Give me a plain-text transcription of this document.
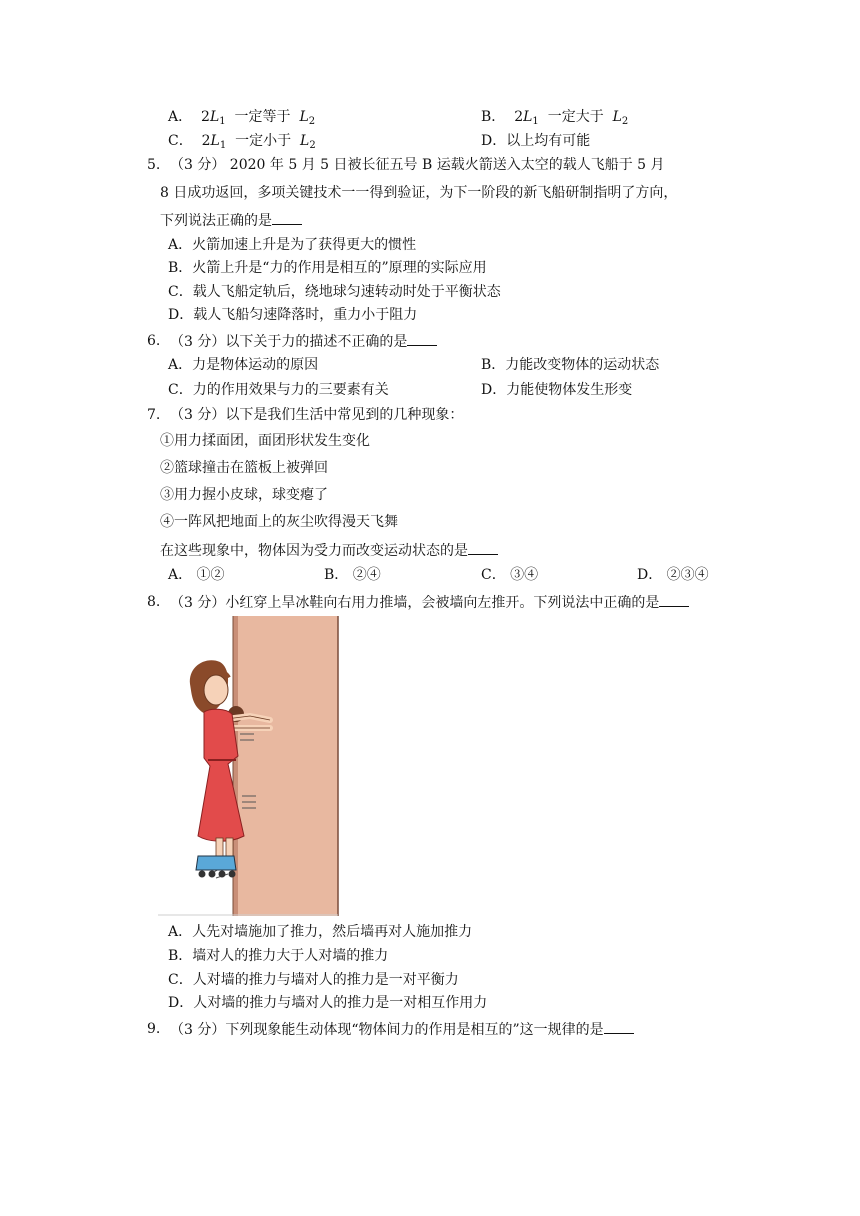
A． $2L_1$ 一定等于 $L_2$	B． $2L_1$ 一定大于 $L_2$
C． $2L_1$ 一定小于 $L_2$	D．以上均有可能
5. （3 分） 2020 年 5 月 5 日被长征五号 B 运载火箭送入太空的载人飞船于 5 月
8 日成功返回，多项关键技术一一得到验证，为下一阶段的新飞船研制指明了方向，
下列说法正确的是
A．火箭加速上升是为了获得更大的惯性
B．火箭上升是“力的作用是相互的”原理的实际应用
C．载人飞船定轨后，绕地球匀速转动时处于平衡状态
D．载人飞船匀速降落时，重力小于阻力
6. （3 分）以下关于力的描述不正确的是
A．力是物体运动的原因	B．力能改变物体的运动状态
C．力的作用效果与力的三要素有关	D．力能使物体发生形变
7. （3 分）以下是我们生活中常见到的几种现象：
①用力揉面团，面团形状发生变化
②篮球撞击在篮板上被弹回
③用力握小皮球，球变瘪了
④一阵风把地面上的灰尘吹得漫天飞舞
在这些现象中，物体因为受力而改变运动状态的是
A． ①②	B． ②④	C． ③④	D． ②③④
8. （3 分）小红穿上旱冰鞋向右用力推墙，会被墙向左推开。下列说法中正确的是
A．人先对墙施加了推力，然后墙再对人施加推力
B．墙对人的推力大于人对墙的推力
C．人对墙的推力与墙对人的推力是一对平衡力
D．人对墙的推力与墙对人的推力是一对相互作用力
9. （3 分）下列现象能生动体现“物体间力的作用是相互的”这一规律的是
